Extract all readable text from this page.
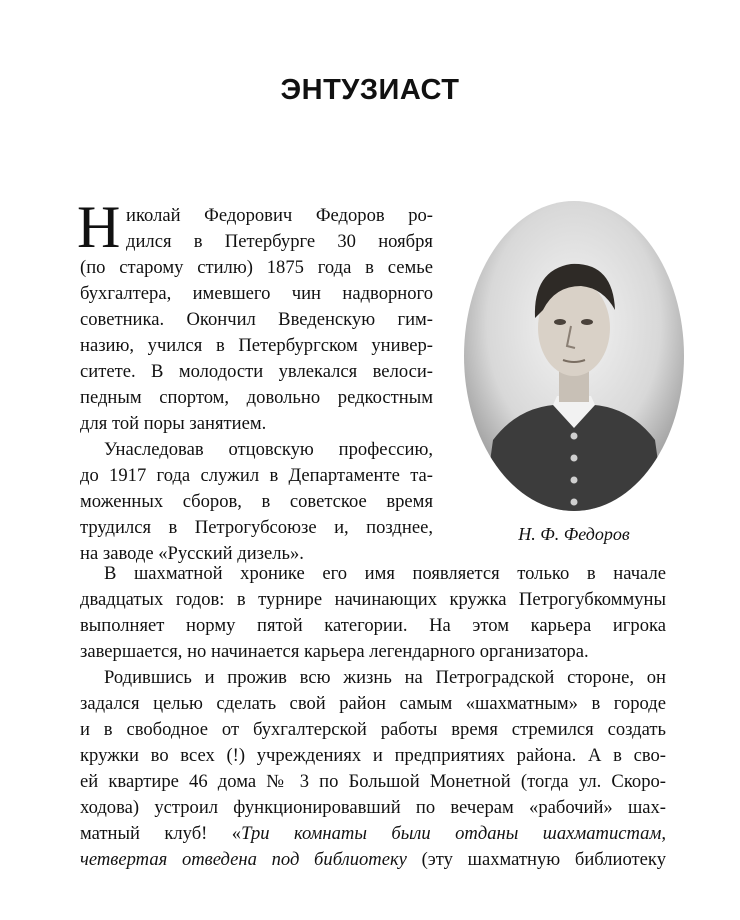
ЭНТУЗИАСТ
Н иколай Федорович Федоров ро-
дился в Петербурге 30 ноября
(по старому стилю) 1875 года в семье
бухгалтера, имевшего чин надворного
советника. Окончил Введенскую гим-
назию, учился в Петербургском универ-
ситете. В молодости увлекался велоси-
педным спортом, довольно редкостным
для той поры занятием.
Унаследовав отцовскую профессию,
до 1917 года служил в Департаменте та-
моженных сборов, в советское время
трудился в Петрогубсоюзе и, позднее,
на заводе «Русский дизель».
В шахматной хронике его имя появляется только в начале
двадцатых годов: в турнире начинающих кружка Петрогубкоммуны
выполняет норму пятой категории. На этом карьера игрока
завершается, но начинается карьера легендарного организатора.
Родившись и прожив всю жизнь на Петроградской стороне, он
задался целью сделать свой район самым «шахматным» в городе
и в свободное от бухгалтерской работы время стремился создать
кружки во всех (!) учреждениях и предприятиях района. А в сво-
ей квартире 46 дома № 3 по Большой Монетной (тогда ул. Скоро-
ходова) устроил функционировавший по вечерам «рабочий» шах-
матный клуб! «Три комнаты были отданы шахматистам,
четвертая отведена под библиотеку (эту шахматную библиотеку
Н. Ф. Федоров
